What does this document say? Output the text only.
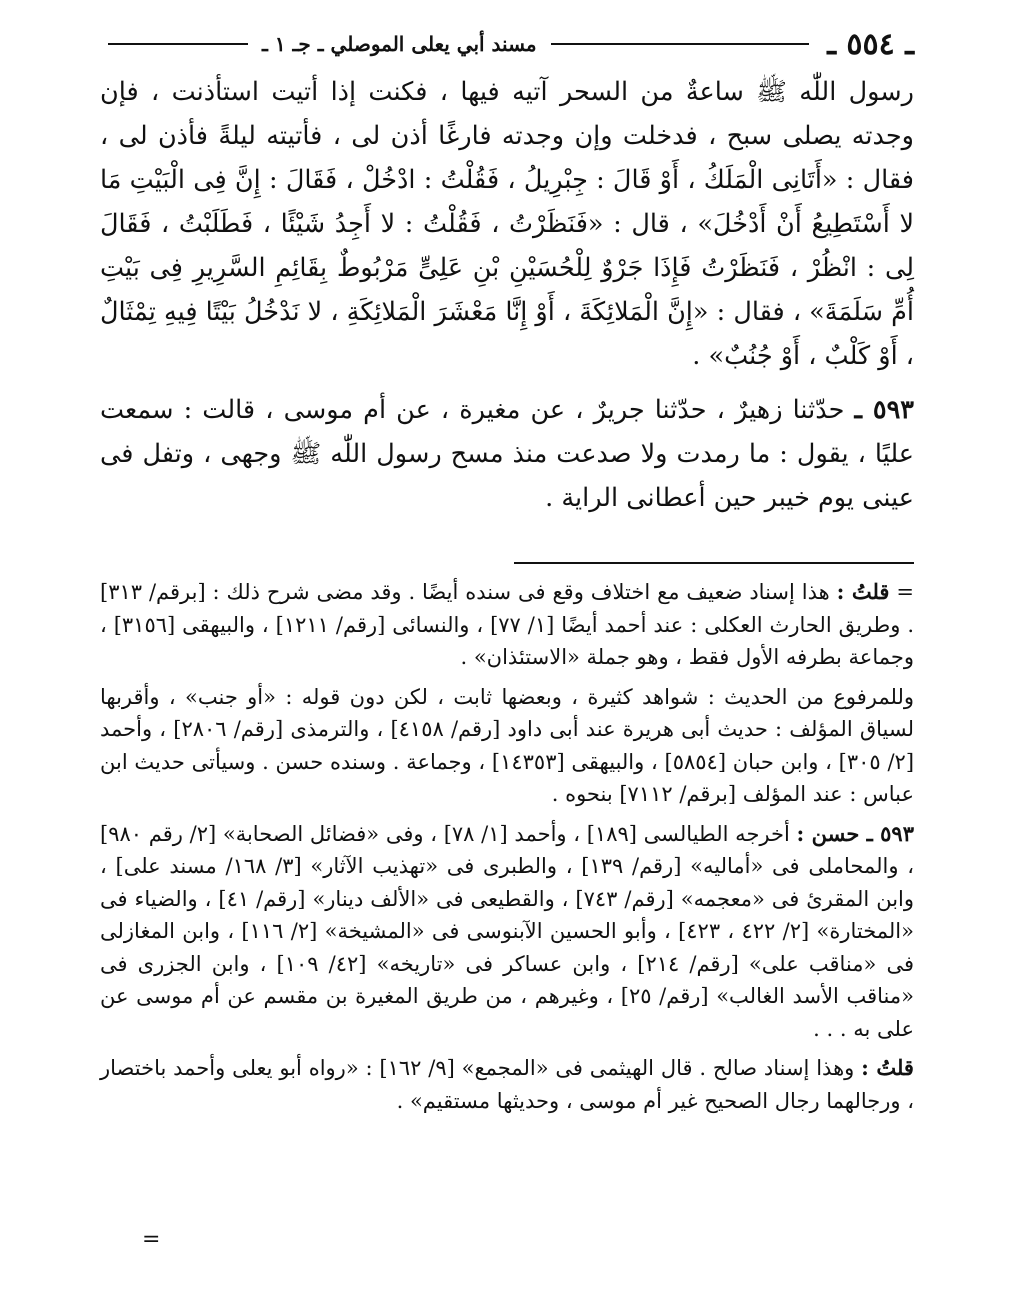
ـ ٥٥٤ ـ
مسند أبي يعلى الموصلي ـ جـ ١ ـ

رسول اللّٰه ﷺ ساعةٌ من السحر آتيه فيها ، فكنت إذا أتيت استأذنت ، فإن وجدته يصلى سبح ، فدخلت وإن وجدته فارغًا أذن لى ، فأتيته ليلةً فأذن لى ، فقال : «أَتَانِى الْمَلَكُ ، أَوْ قَالَ : جِبْرِيلُ ، فَقُلْتُ : ادْخُلْ ، فَقَالَ : إِنَّ فِى الْبَيْتِ مَا لا أَسْتَطِيعُ أَنْ أَدْخُلَ» ، قال : «فَنَظَرْتُ ، فَقُلْتُ : لا أَجِدُ شَيْئًا ، فَطَلَبْتُ ، فَقَالَ لِى : انْظُرْ ، فَنَظَرْتُ فَإِذَا جَرْوٌ لِلْحُسَيْنِ بْنِ عَلِىٍّ مَرْبُوطٌ بِقَائِمِ السَّرِيرِ فِى بَيْتِ أُمِّ سَلَمَةَ» ، فقال : «إِنَّ الْمَلائِكَةَ ، أَوْ إِنَّا مَعْشَرَ الْمَلائِكَةِ ، لا نَدْخُلُ بَيْتًا فِيهِ تِمْثَالٌ ، أَوْ كَلْبٌ ، أَوْ جُنُبٌ» .

٥٩٣ ـ حدّثنا زهيرٌ ، حدّثنا جريرٌ ، عن مغيرة ، عن أم موسى ، قالت : سمعت عليًا ، يقول : ما رمدت ولا صدعت منذ مسح رسول اللّٰه ﷺ وجهى ، وتفل فى عينى يوم خيبر حين أعطانى الراية .

= قلتُ : هذا إسناد ضعيف مع اختلاف وقع فى سنده أيضًا . وقد مضى شرح ذلك : [برقم/ ٣١٣] . وطريق الحارث العكلى : عند أحمد أيضًا [١/ ٧٧] ، والنسائى [رقم/ ١٢١١] ، والبيهقى [٣١٥٦] ، وجماعة بطرفه الأول فقط ، وهو جملة «الاستئذان» .

وللمرفوع من الحديث : شواهد كثيرة ، وبعضها ثابت ، لكن دون قوله : «أو جنب» ، وأقربها لسياق المؤلف : حديث أبى هريرة عند أبى داود [رقم/ ٤١٥٨] ، والترمذى [رقم/ ٢٨٠٦] ، وأحمد [٢/ ٣٠٥] ، وابن حبان [٥٨٥٤] ، والبيهقى [١٤٣٥٣] ، وجماعة . وسنده حسن . وسيأتى حديث ابن عباس : عند المؤلف [برقم/ ٧١١٢] بنحوه .

٥٩٣ ـ حسن : أخرجه الطيالسى [١٨٩] ، وأحمد [١/ ٧٨] ، وفى «فضائل الصحابة» [٢/ رقم ٩٨٠] ، والمحاملى فى «أماليه» [رقم/ ١٣٩] ، والطبرى فى «تهذيب الآثار» [٣/ ١٦٨/ مسند على] ، وابن المقرئ فى «معجمه» [رقم/ ٧٤٣] ، والقطيعى فى «الألف دينار» [رقم/ ٤١] ، والضياء فى «المختارة» [٢/ ٤٢٢ ، ٤٢٣] ، وأبو الحسين الآبنوسى فى «المشيخة» [٢/ ١١٦] ، وابن المغازلى فى «مناقب على» [رقم/ ٢١٤] ، وابن عساكر فى «تاريخه» [٤٢/ ١٠٩] ، وابن الجزرى فى «مناقب الأسد الغالب» [رقم/ ٢٥] ، وغيرهم ، من طريق المغيرة بن مقسم عن أم موسى عن على به . . .

قلتُ : وهذا إسناد صالح . قال الهيثمى فى «المجمع» [٩/ ١٦٢] : «رواه أبو يعلى وأحمد باختصار ، ورجالهما رجال الصحيح غير أم موسى ، وحديثها مستقيم» .

=
